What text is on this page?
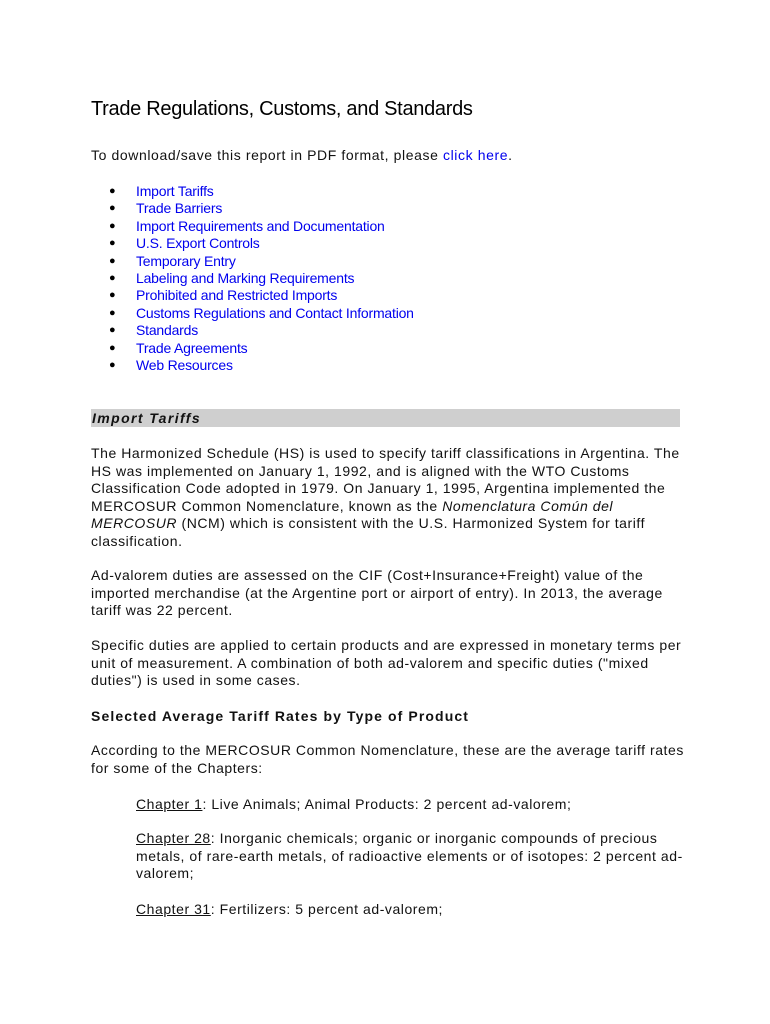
Trade Regulations, Customs, and Standards
To download/save this report in PDF format, please click here.
● Import Tariffs
● Trade Barriers
● Import Requirements and Documentation
● U.S. Export Controls
● Temporary Entry
● Labeling and Marking Requirements
● Prohibited and Restricted Imports
● Customs Regulations and Contact Information
● Standards
● Trade Agreements
● Web Resources
Import Tariffs

The Harmonized Schedule (HS) is used to specify tariff classifications in Argentina. The HS was implemented on January 1, 1992, and is aligned with the WTO Customs Classification Code adopted in 1979. On January 1, 1995, Argentina implemented the MERCOSUR Common Nomenclature, known as the Nomenclatura Común del MERCOSUR (NCM) which is consistent with the U.S. Harmonized System for tariff classification.

Ad-valorem duties are assessed on the CIF (Cost+Insurance+Freight) value of the imported merchandise (at the Argentine port or airport of entry). In 2013, the average tariff was 22 percent.

Specific duties are applied to certain products and are expressed in monetary terms per unit of measurement. A combination of both ad-valorem and specific duties ("mixed duties") is used in some cases.

Selected Average Tariff Rates by Type of Product

According to the MERCOSUR Common Nomenclature, these are the average tariff rates for some of the Chapters:

Chapter 1: Live Animals; Animal Products: 2 percent ad-valorem;

Chapter 28: Inorganic chemicals; organic or inorganic compounds of precious metals, of rare-earth metals, of radioactive elements or of isotopes: 2 percent ad-valorem;

Chapter 31: Fertilizers: 5 percent ad-valorem;
